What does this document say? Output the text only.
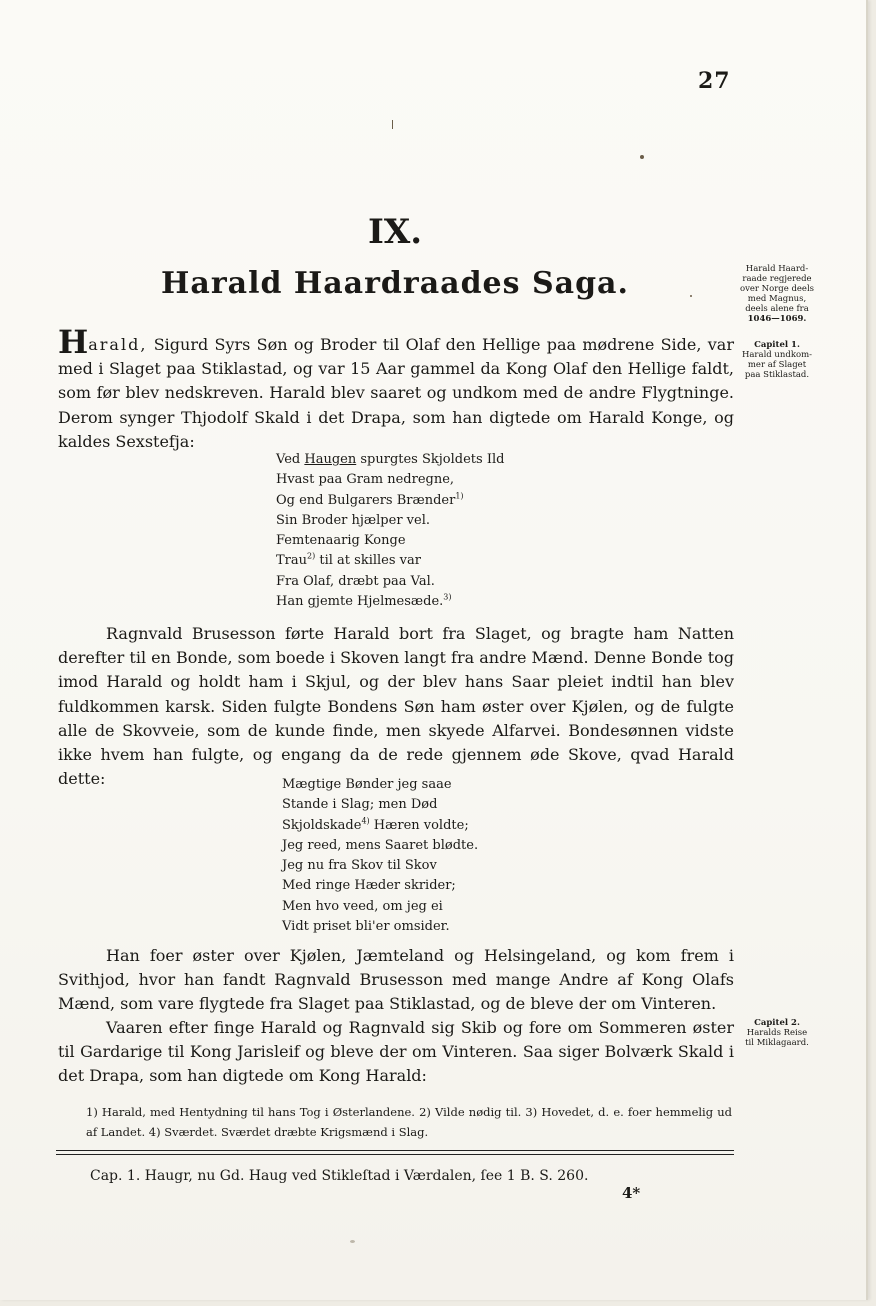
27
IX.
Harald Haardraades Saga.	Harald Haard-
raade regjerede
over Norge deels
med Magnus,
deels alene fra
1046—1069.
Capitel 1.
Harald undkom-
mer af Slaget
paa Stiklastad.
Capitel 2.
Haralds Reise
til Miklagaard.

Harald, Sigurd Syrs Søn og Broder til Olaf den Hellige paa mødrene Side, var med i Slaget paa Stiklastad, og var 15 Aar gammel da Kong Olaf den Hellige faldt, som før blev nedskreven. Harald blev saaret og undkom med de andre Flygtninge. Derom synger Thjodolf Skald i det Drapa, som han digtede om Harald Konge, og kaldes Sexstefja:

Ved Haugen spurgtes Skjoldets Ild
Hvast paa Gram nedregne,
Og end Bulgarers Brænder$^{1)}$
Sin Broder hjælper vel.
Femtenaarig Konge
Trau$^{2)}$ til at skilles var
Fra Olaf, dræbt paa Val.
Han gjemte Hjelmesæde.$^{3)}$

Ragnvald Brusesson førte Harald bort fra Slaget, og bragte ham Natten derefter til en Bonde, som boede i Skoven langt fra andre Mænd. Denne Bonde tog imod Harald og holdt ham i Skjul, og der blev hans Saar pleiet indtil han blev fuldkommen karsk. Siden fulgte Bondens Søn ham øster over Kjølen, og de fulgte alle de Skovveie, som de kunde finde, men skyede Alfarvei. Bondesønnen vidste ikke hvem han fulgte, og engang da de rede gjennem øde Skove, qvad Harald dette:	Mægtige Bønder jeg saae
Stande i Slag; men Død
Skjoldskade$^{4)}$ Hæren voldte;
Jeg reed, mens Saaret blødte.
Jeg nu fra Skov til Skov
Med ringe Hæder skrider;
Men hvo veed, om jeg ei
Vidt priset bli'er omsider.

Han foer øster over Kjølen, Jæmteland og Helsingeland, og kom frem i Svithjod, hvor han fandt Ragnvald Brusesson med mange Andre af Kong Olafs Mænd, som vare flygtede fra Slaget paa Stiklastad, og de bleve der om Vinteren.

Vaaren efter finge Harald og Ragnvald sig Skib og fore om Sommeren øster til Gardarige til Kong Jarisleif og bleve der om Vinteren. Saa siger Bolværk Skald i det Drapa, som han digtede om Kong Harald:

1) Harald, med Hentydning til hans Tog i Østerlandene. 2) Vilde nødig til. 3) Hovedet, d. e. foer hemmelig ud af Landet. 4) Sværdet. Sværdet dræbte Krigsmænd i Slag.
Cap. 1. Haugr, nu Gd. Haug ved Stikleſtad i Værdalen, ſee 1 B. S. 260.
4*
